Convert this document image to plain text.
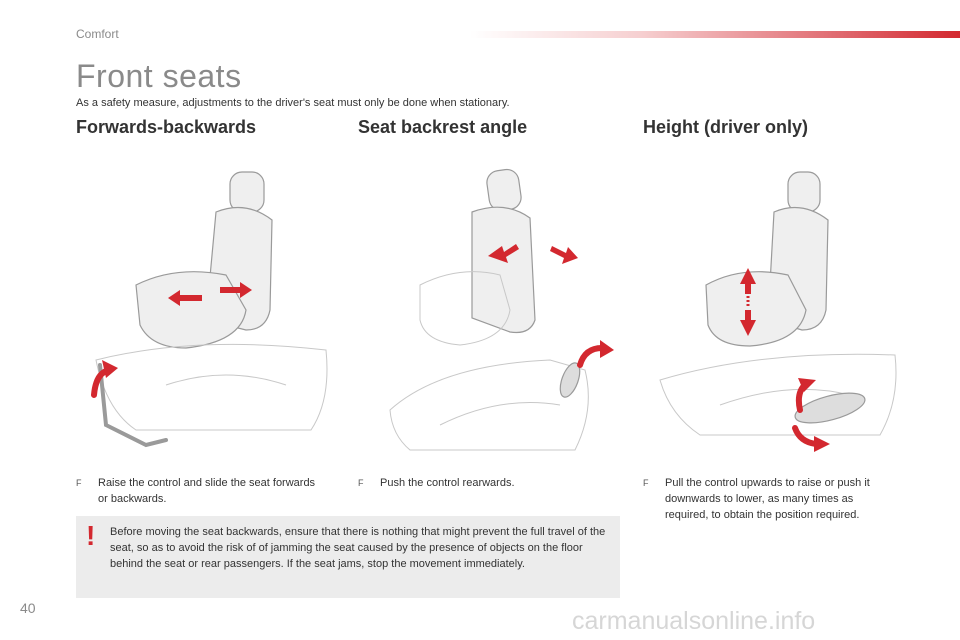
Comfort
Front seats
As a safety measure, adjustments to the driver's seat must only be done when stationary.
Forwards-backwards
F	Raise the control and slide the seat forwards or backwards.
Seat backrest angle
F	Push the control rearwards.
Height (driver only)
F	Pull the control upwards to raise or push it downwards to lower, as many times as required, to obtain the position required.
! Before moving the seat backwards, ensure that there is nothing that might prevent the full travel of the seat, so as to avoid the risk of of jamming the seat caused by the presence of objects on the floor behind the seat or rear passengers. If the seat jams, stop the movement immediately.
40	carmanualsonline.info
